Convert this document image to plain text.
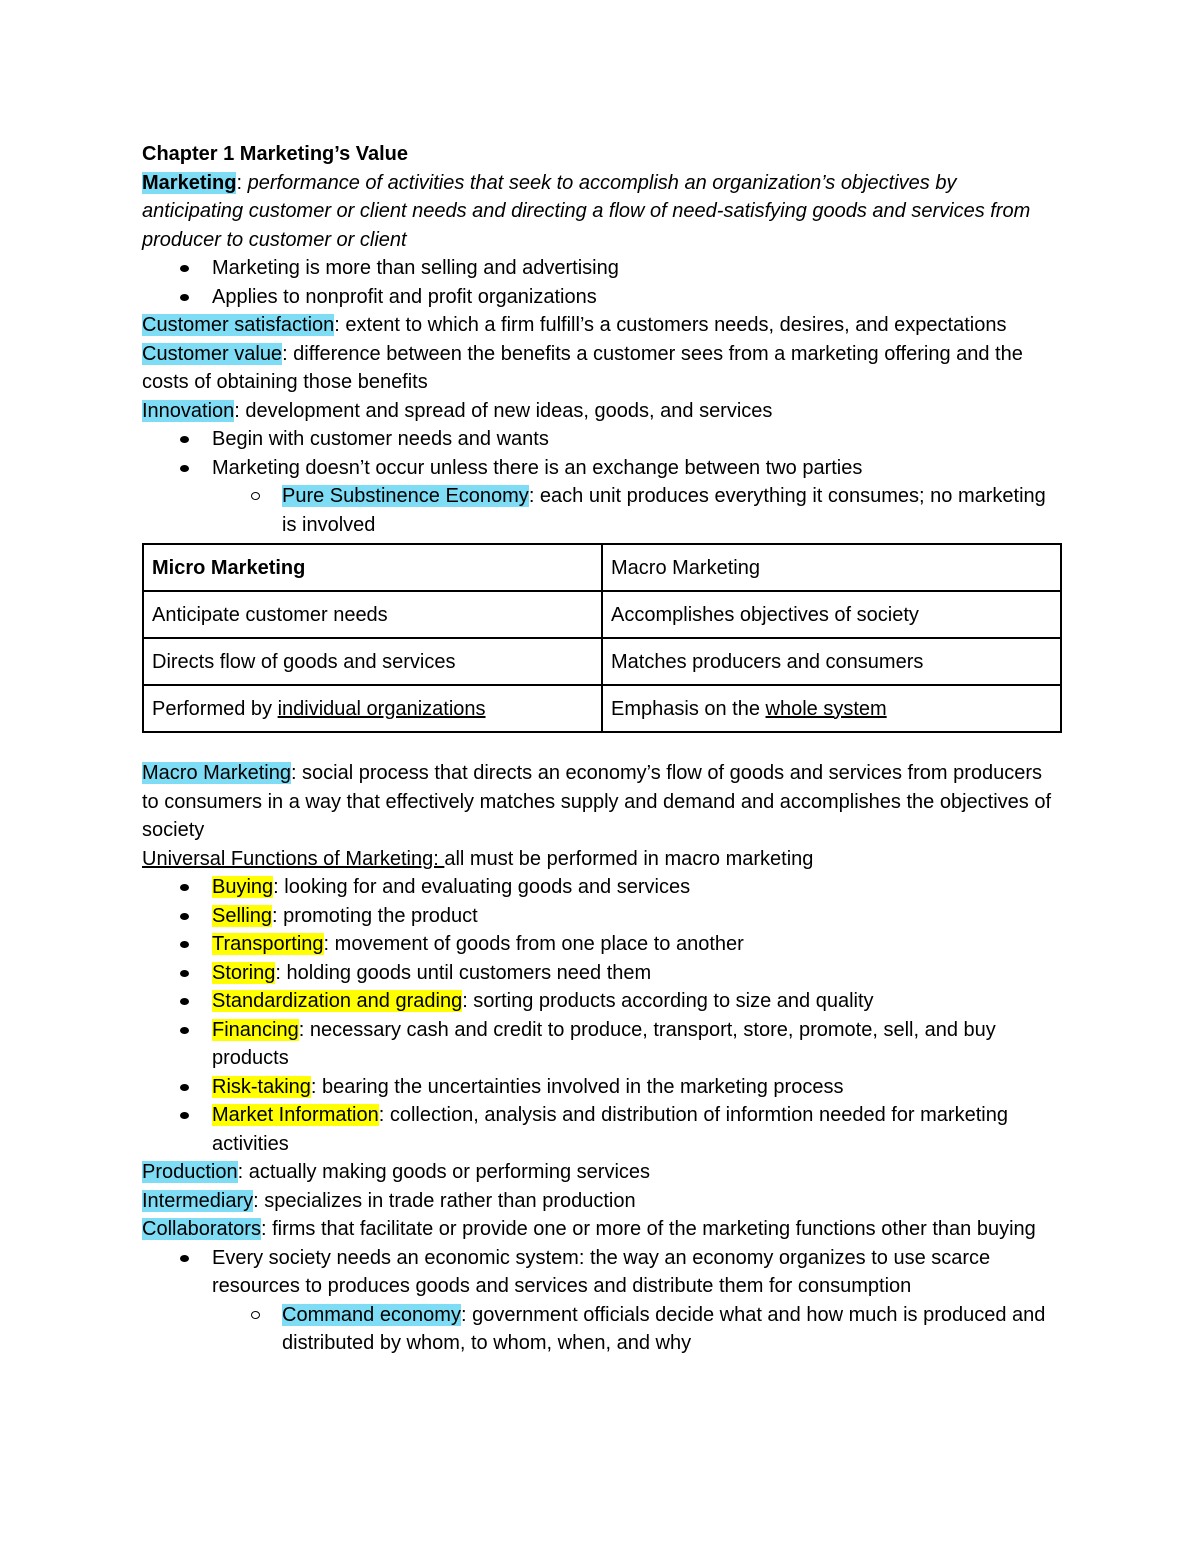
Chapter 1 Marketing’s Value
Marketing: performance of activities that seek to accomplish an organization’s objectives by anticipating customer or client needs and directing a flow of need-satisfying goods and services from producer to customer or client
Marketing is more than selling and advertising
Applies to nonprofit and profit organizations
Customer satisfaction: extent to which a firm fulfill’s a customers needs, desires, and expectations
Customer value: difference between the benefits a customer sees from a marketing offering and the costs of obtaining those benefits
Innovation: development and spread of new ideas, goods, and services
Begin with customer needs and wants
Marketing doesn’t occur unless there is an exchange between two parties
Pure Substinence Economy: each unit produces everything it consumes; no marketing is involved
Micro Marketing	Macro Marketing
Anticipate customer needs	Accomplishes objectives of society
Directs flow of goods and services	Matches producers and consumers
Performed by individual organizations	Emphasis on the whole system
Macro Marketing: social process that directs an economy’s flow of goods and services from producers to consumers in a way that effectively matches supply and demand and accomplishes the objectives of society
Universal Functions of Marketing: all must be performed in macro marketing
Buying: looking for and evaluating goods and services
Selling: promoting the product
Transporting: movement of goods from one place to another
Storing: holding goods until customers need them
Standardization and grading: sorting products according to size and quality
Financing: necessary cash and credit to produce, transport, store, promote, sell, and buy products
Risk-taking: bearing the uncertainties involved in the marketing process
Market Information: collection, analysis and distribution of informtion needed for marketing activities
Production: actually making goods or performing services
Intermediary: specializes in trade rather than production
Collaborators: firms that facilitate or provide one or more of the marketing functions other than buying
Every society needs an economic system: the way an economy organizes to use scarce resources to produces goods and services and distribute them for consumption
Command economy: government officials decide what and how much is produced and distributed by whom, to whom, when, and why
